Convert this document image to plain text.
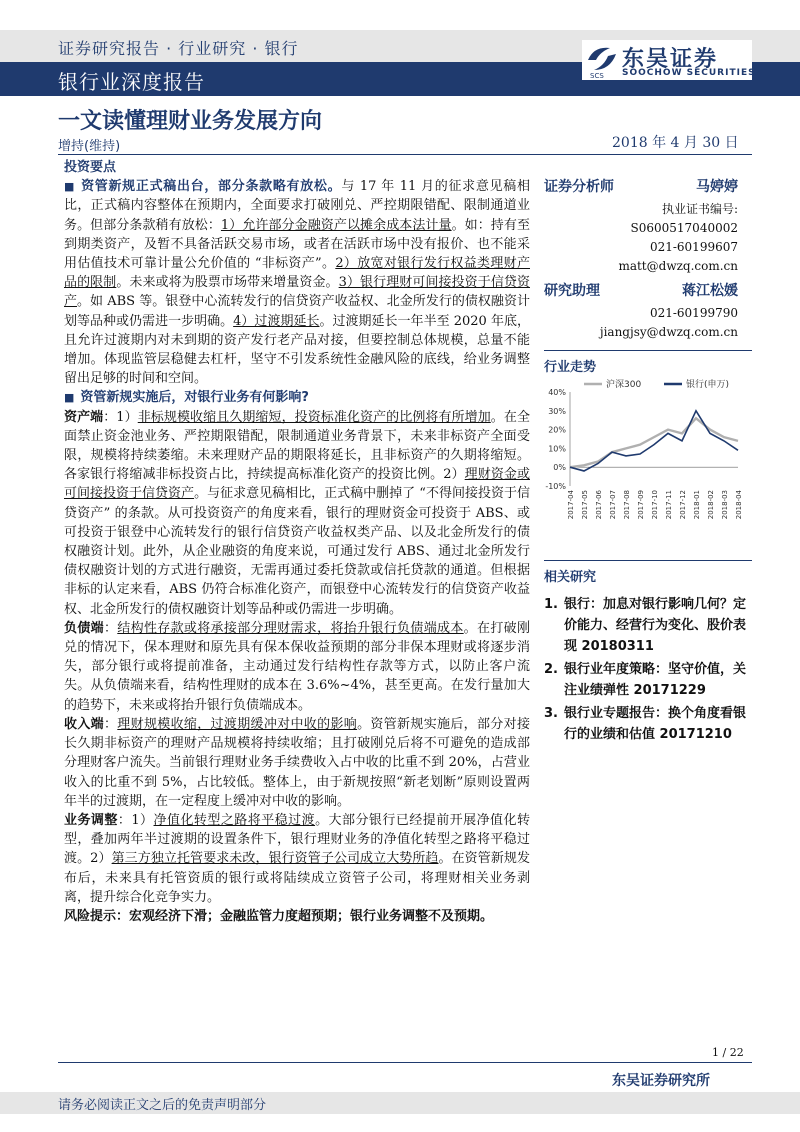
证券研究报告 · 行业研究 · 银行
银行业深度报告
东吴证券
SOOCHOW SECURITIES
SCS
一文读懂理财业务发展方向
增持(维持)	2018 年 4 月 30 日

投资要点

■ 资管新规正式稿出台，部分条款略有放松。与 17 年 11 月的征求意见稿相比，正式稿内容整体在预期内，全面要求打破刚兑、严控期限错配、限制通道业务。但部分条款稍有放松：1）允许部分金融资产以摊余成本法计量。如：持有至到期类资产，及暂不具备活跃交易市场，或者在活跃市场中没有报价、也不能采用估值技术可靠计量公允价值的 “非标资产”。2）放宽对银行发行权益类理财产品的限制。未来或将为股票市场带来增量资金。3）银行理财可间接投资于信贷资产。如 ABS 等。银登中心流转发行的信贷资产收益权、北金所发行的债权融资计划等品种或仍需进一步明确。4）过渡期延长。过渡期延长一年半至 2020 年底，且允许过渡期内对未到期的资产发行老产品对接，但要控制总体规模，总量不能增加。体现监管层稳健去杠杆，坚守不引发系统性金融风险的底线，给业务调整留出足够的时间和空间。

■ 资管新规实施后，对银行业务有何影响?

资产端：1）非标规模收缩且久期缩短，投资标准化资产的比例将有所增加。在全面禁止资金池业务、严控期限错配，限制通道业务背景下，未来非标资产全面受限，规模将持续萎缩。未来理财产品的期限将延长，且非标资产的久期将缩短。各家银行将缩减非标投资占比，持续提高标准化资产的投资比例。2）理财资金或可间接投资于信贷资产。与征求意见稿相比，正式稿中删掉了 “不得间接投资于信贷资产” 的条款。从可投资资产的角度来看，银行的理财资金可投资于 ABS、或可投资于银登中心流转发行的银行信贷资产收益权类产品、以及北金所发行的债权融资计划。此外，从企业融资的角度来说，可通过发行 ABS、通过北金所发行债权融资计划的方式进行融资，无需再通过委托贷款或信托贷款的通道。但根据非标的认定来看，ABS 仍符合标准化资产，而银登中心流转发行的信贷资产收益权、北金所发行的债权融资计划等品种或仍需进一步明确。

负债端：结构性存款或将承接部分理财需求，将抬升银行负债端成本。在打破刚兑的情况下，保本理财和原先具有保本保收益预期的部分非保本理财或将逐步消失，部分银行或将提前准备，主动通过发行结构性存款等方式，以防止客户流失。从负债端来看，结构性理财的成本在 3.6%~4%，甚至更高。在发行量加大的趋势下，未来或将抬升银行负债端成本。

收入端：理财规模收缩，过渡期缓冲对中收的影响。资管新规实施后，部分对接长久期非标资产的理财产品规模将持续收缩；且打破刚兑后将不可避免的造成部分理财客户流失。当前银行理财业务手续费收入占中收的比重不到 20%，占营业收入的比重不到 5%，占比较低。整体上，由于新规按照“新老划断”原则设置两年半的过渡期，在一定程度上缓冲对中收的影响。

业务调整：1）净值化转型之路将平稳过渡。大部分银行已经提前开展净值化转型，叠加两年半过渡期的设置条件下，银行理财业务的净值化转型之路将平稳过渡。2）第三方独立托管要求未改，银行资管子公司成立大势所趋。在资管新规发布后，未来具有托管资质的银行或将陆续成立资管子公司，将理财相关业务剥离，提升综合化竞争实力。

风险提示：宏观经济下滑；金融监管力度超预期；银行业务调整不及预期。

证券分析师	马婷婷
执业证书编号:
S0600517040002
021-60199607
matt@dwzq.com.cn
研究助理	蒋江松媛
021-60199790
jiangjsy@dwzq.com.cn
行业走势
40%
30%
20%
10%
0%
-10%
2017-04 2017-05 2017-06 2017-07 2017-08 2017-09 2017-10 2017-11 2017-12 2018-01 2018-02 2018-03 2018-04
沪深300	银行(申万)
相关研究
1. 银行：加息对银行影响几何？定价能力、经营行为变化、股价表现 20180311
2. 银行业年度策略：坚守价值，关注业绩弹性 20171229
3. 银行业专题报告：换个角度看银行的业绩和估值 20171210
1 / 22
东吴证券研究所
请务必阅读正文之后的免责声明部分
